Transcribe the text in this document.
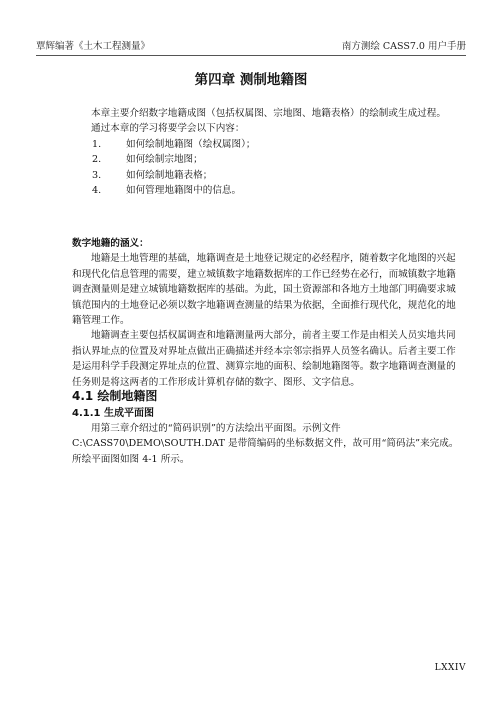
覃辉编著《土木工程测量》	南方测绘 CASS7.0 用户手册
第四章 测制地籍图

本章主要介绍数字地籍成图（包括权属图、宗地图、地籍表格）的绘制或生成过程。

通过本章的学习将要学会以下内容：

1.	如何绘制地籍图（绘权属图）；
2.	如何绘制宗地图；
3.	如何绘制地籍表格；
4.	如何管理地籍图中的信息。

数字地籍的涵义：

地籍是土地管理的基础，地籍调查是土地登记规定的必经程序，随着数字化地图的兴起和现代化信息管理的需要，建立城镇数字地籍数据库的工作已经势在必行，而城镇数字地籍调查测量则是建立城镇地籍数据库的基础。为此，国土资源部和各地方土地部门明确要求城镇范围内的土地登记必须以数字地籍调查测量的结果为依据，全面推行现代化，规范化的地籍管理工作。

地籍调查主要包括权属调查和地籍测量两大部分，前者主要工作是由相关人员实地共同指认界址点的位置及对界址点做出正确描述并经本宗邻宗指界人员签名确认。后者主要工作是运用科学手段测定界址点的位置、测算宗地的面积、绘制地籍图等。数字地籍调查测量的任务则是将这两者的工作形成计算机存储的数字、图形、文字信息。

4.1 绘制地籍图

4.1.1 生成平面图

用第三章介绍过的“简码识别”的方法绘出平面图。示例文件 C:\CASS70\DEMO\SOUTH.DAT 是带简编码的坐标数据文件，故可用“简码法”来完成。所绘平面图如图 4-1 所示。

LXXIV
